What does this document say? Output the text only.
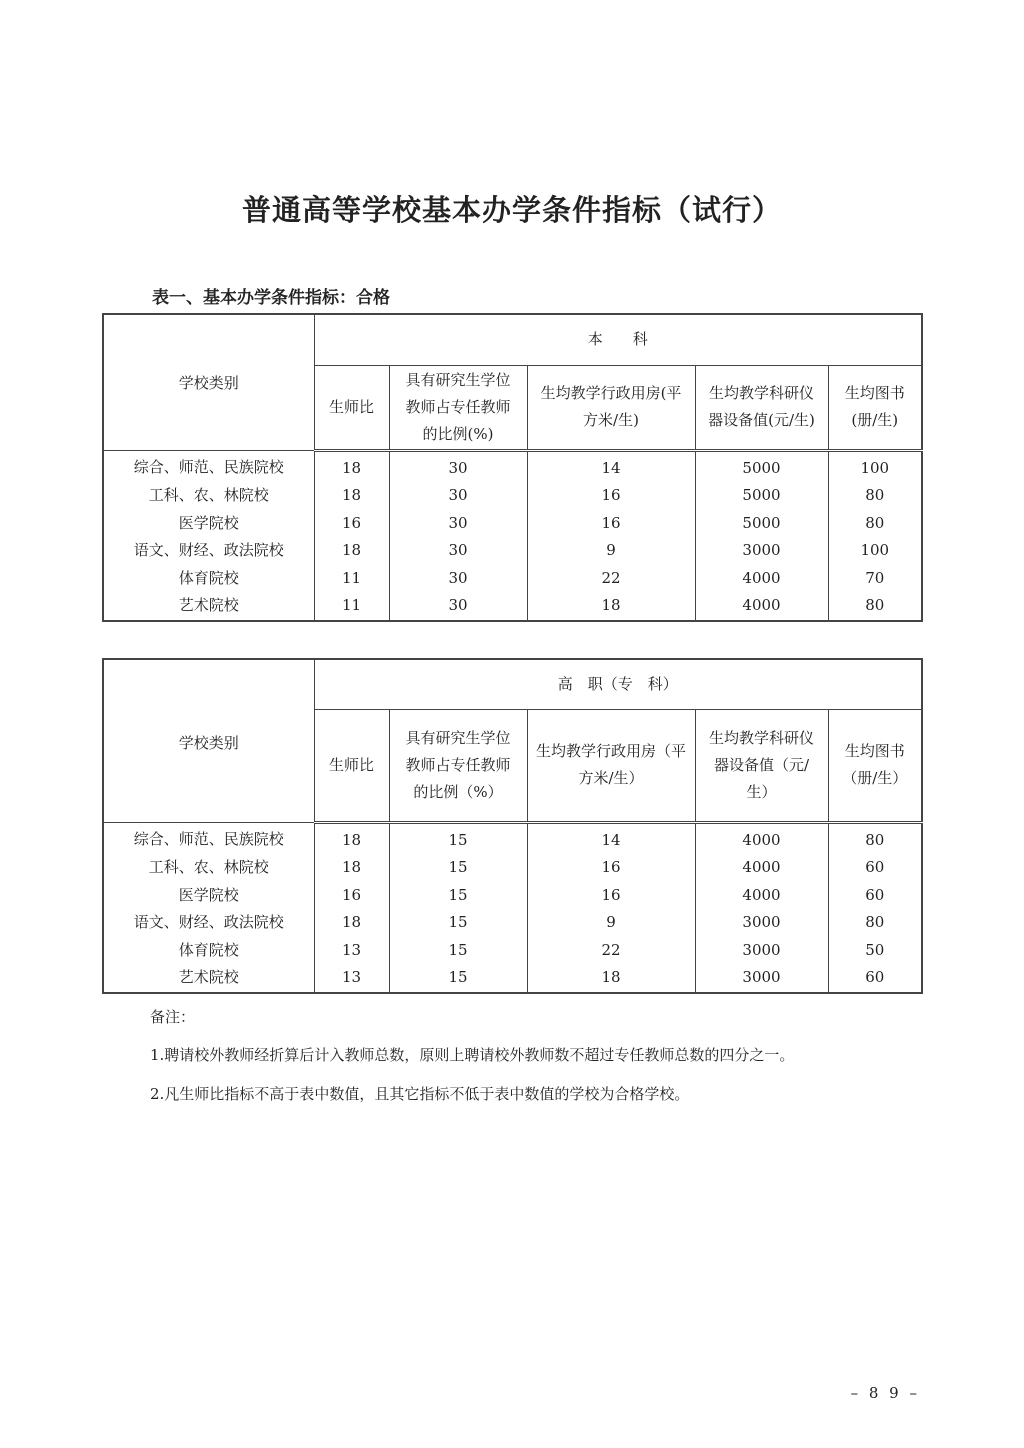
普通高等学校基本办学条件指标（试行）
表一、基本办学条件指标：合格
学校类别	本　　科				
	生师比	具有研究生学位教师占专任教师的比例(%)	生均教学行政用房(平方米/生)	生均教学科研仪器设备值(元/生)	生均图书(册/生)
综合、师范、民族院校	18	30	14	5000	100
工科、农、林院校	18	30	16	5000	80
医学院校	16	30	16	5000	80
语文、财经、政法院校	18	30	9	3000	100
体育院校	11	30	22	4000	70
艺术院校	11	30	18	4000	80
学校类别	高　职（专　科）				
	生师比	具有研究生学位教师占专任教师的比例（%）	生均教学行政用房（平方米/生）	生均教学科研仪器设备值（元/生）	生均图书（册/生）
综合、师范、民族院校	18	15	14	4000	80
工科、农、林院校	18	15	16	4000	60
医学院校	16	15	16	4000	60
语文、财经、政法院校	18	15	9	3000	80
体育院校	13	15	22	3000	50
艺术院校	13	15	18	3000	60
备注：
1.聘请校外教师经折算后计入教师总数，原则上聘请校外教师数不超过专任教师总数的四分之一。
2.凡生师比指标不高于表中数值，且其它指标不低于表中数值的学校为合格学校。
– 8 9 –
